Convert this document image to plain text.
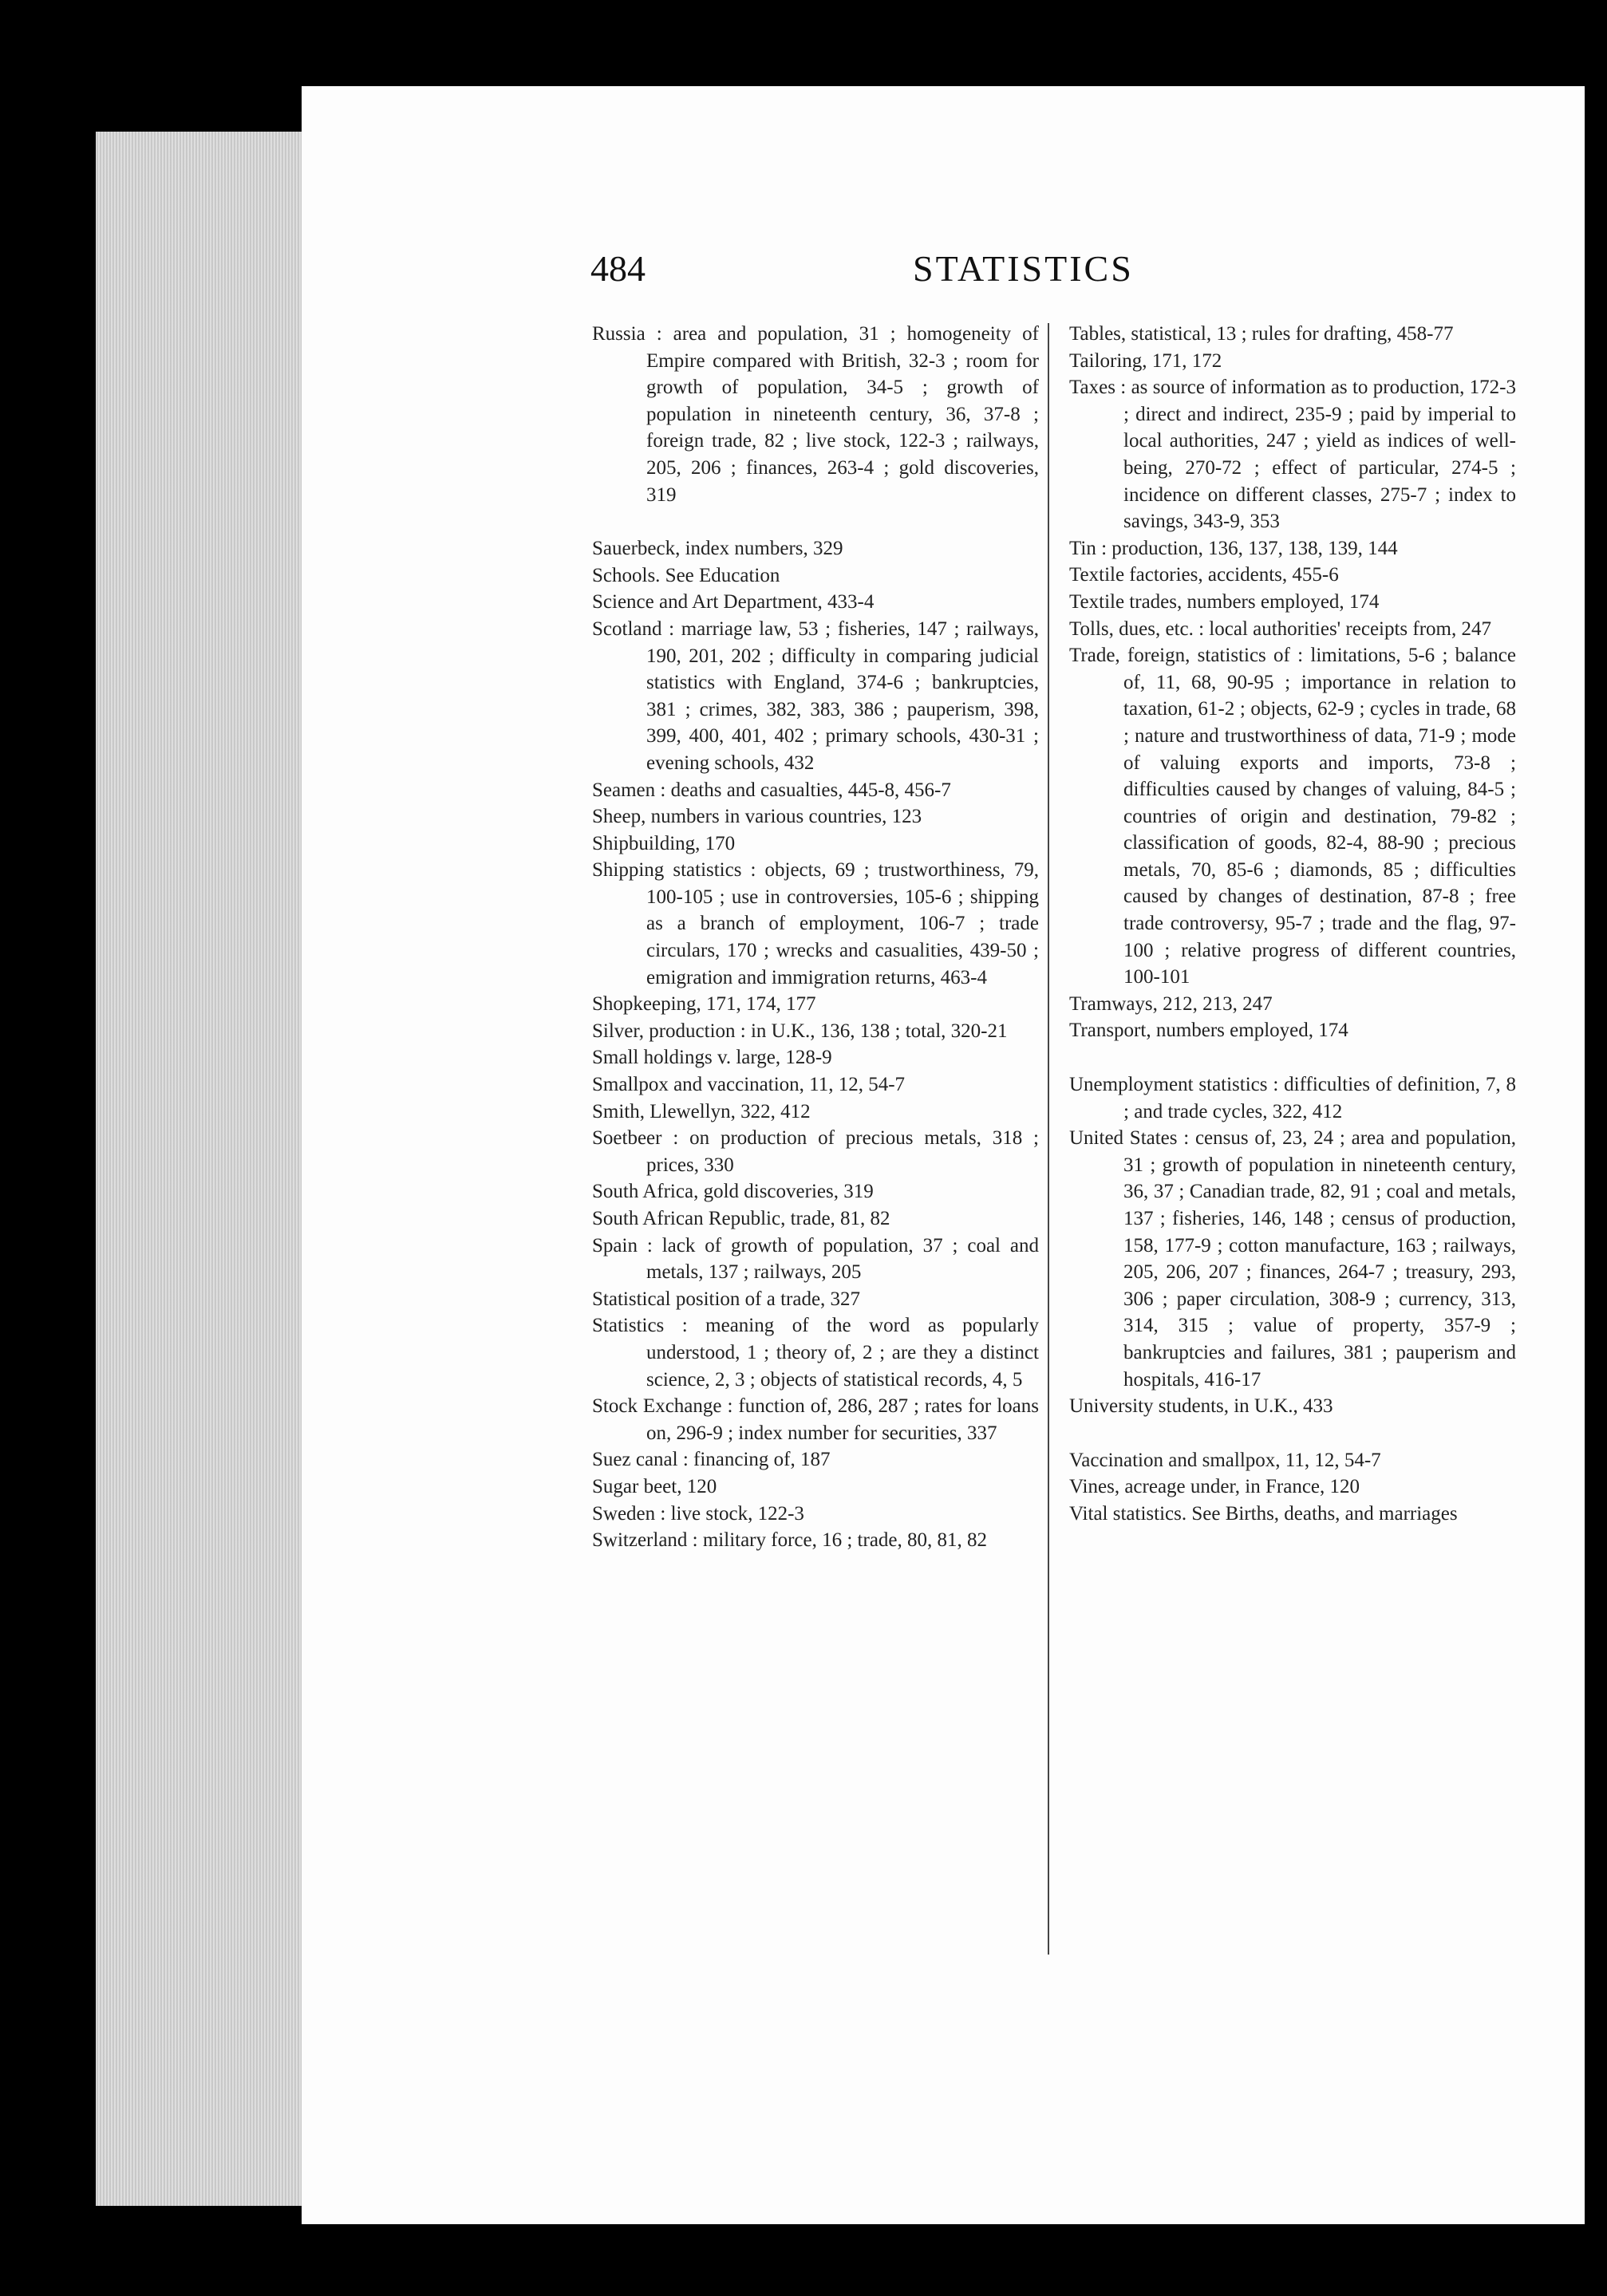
484	STATISTICS
Russia : area and population, 31 ; homogeneity of Empire compared with British, 32-3 ; room for growth of population, 34-5 ; growth of population in nineteenth century, 36, 37-8 ; foreign trade, 82 ; live stock, 122-3 ; railways, 205, 206 ; finances, 263-4 ; gold discoveries, 319
Sauerbeck, index numbers, 329
Schools. See Education
Science and Art Department, 433-4
Scotland : marriage law, 53 ; fisheries, 147 ; railways, 190, 201, 202 ; difficulty in comparing judicial statistics with England, 374-6 ; bankruptcies, 381 ; crimes, 382, 383, 386 ; pauperism, 398, 399, 400, 401, 402 ; primary schools, 430-31 ; evening schools, 432
Seamen : deaths and casualties, 445-8, 456-7
Sheep, numbers in various countries, 123
Shipbuilding, 170
Shipping statistics : objects, 69 ; trustworthiness, 79, 100-105 ; use in controversies, 105-6 ; shipping as a branch of employment, 106-7 ; trade circulars, 170 ; wrecks and casualities, 439-50 ; emigration and immigration returns, 463-4
Shopkeeping, 171, 174, 177
Silver, production : in U.K., 136, 138 ; total, 320-21
Small holdings v. large, 128-9
Smallpox and vaccination, 11, 12, 54-7
Smith, Llewellyn, 322, 412
Soetbeer : on production of precious metals, 318 ; prices, 330
South Africa, gold discoveries, 319
South African Republic, trade, 81, 82
Spain : lack of growth of population, 37 ; coal and metals, 137 ; railways, 205
Statistical position of a trade, 327
Statistics : meaning of the word as popularly understood, 1 ; theory of, 2 ; are they a distinct science, 2, 3 ; objects of statistical records, 4, 5
Stock Exchange : function of, 286, 287 ; rates for loans on, 296-9 ; index number for securities, 337
Suez canal : financing of, 187
Sugar beet, 120
Sweden : live stock, 122-3
Switzerland : military force, 16 ; trade, 80, 81, 82
Tables, statistical, 13 ; rules for drafting, 458-77
Tailoring, 171, 172
Taxes : as source of information as to production, 172-3 ; direct and indirect, 235-9 ; paid by imperial to local authorities, 247 ; yield as indices of well-being, 270-72 ; effect of particular, 274-5 ; incidence on different classes, 275-7 ; index to savings, 343-9, 353
Tin : production, 136, 137, 138, 139, 144
Textile factories, accidents, 455-6
Textile trades, numbers employed, 174
Tolls, dues, etc. : local authorities' receipts from, 247
Trade, foreign, statistics of : limitations, 5-6 ; balance of, 11, 68, 90-95 ; importance in relation to taxation, 61-2 ; objects, 62-9 ; cycles in trade, 68 ; nature and trustworthiness of data, 71-9 ; mode of valuing exports and imports, 73-8 ; difficulties caused by changes of valuing, 84-5 ; countries of origin and destination, 79-82 ; classification of goods, 82-4, 88-90 ; precious metals, 70, 85-6 ; diamonds, 85 ; difficulties caused by changes of destination, 87-8 ; free trade controversy, 95-7 ; trade and the flag, 97-100 ; relative progress of different countries, 100-101
Tramways, 212, 213, 247
Transport, numbers employed, 174
Unemployment statistics : difficulties of definition, 7, 8 ; and trade cycles, 322, 412
United States : census of, 23, 24 ; area and population, 31 ; growth of population in nineteenth century, 36, 37 ; Canadian trade, 82, 91 ; coal and metals, 137 ; fisheries, 146, 148 ; census of production, 158, 177-9 ; cotton manufacture, 163 ; railways, 205, 206, 207 ; finances, 264-7 ; treasury, 293, 306 ; paper circulation, 308-9 ; currency, 313, 314, 315 ; value of property, 357-9 ; bankruptcies and failures, 381 ; pauperism and hospitals, 416-17
University students, in U.K., 433
Vaccination and smallpox, 11, 12, 54-7
Vines, acreage under, in France, 120
Vital statistics. See Births, deaths, and marriages
